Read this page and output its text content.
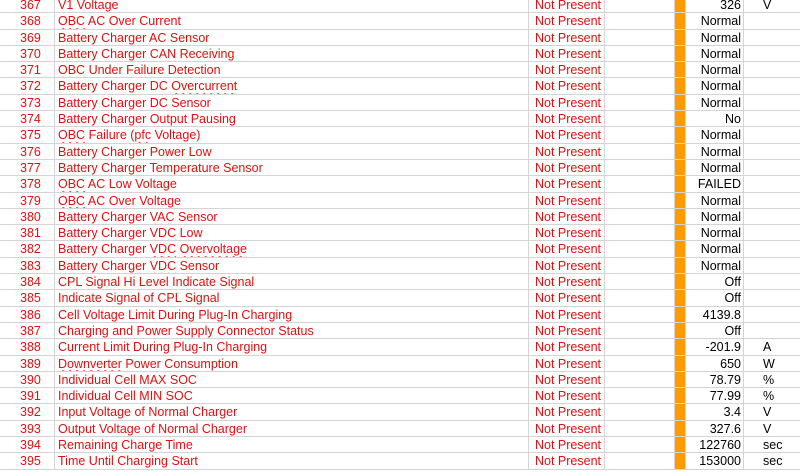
367	V1 Voltage	Not Present	326	V
368	OBC AC Over Current	Not Present	Normal
369	Battery Charger AC Sensor	Not Present	Normal
370	Battery Charger CAN Receiving	Not Present	Normal
371	OBC Under Failure Detection	Not Present	Normal
372	Battery Charger DC Overcurrent	Not Present	Normal
373	Battery Charger DC Sensor	Not Present	Normal
374	Battery Charger Output Pausing	Not Present	No
375	OBC Failure (pfc Voltage)	Not Present	Normal
376	Battery Charger Power Low	Not Present	Normal
377	Battery Charger Temperature Sensor	Not Present	Normal
378	OBC AC Low Voltage	Not Present	FAILED
379	OBC AC Over Voltage	Not Present	Normal
380	Battery Charger VAC Sensor	Not Present	Normal
381	Battery Charger VDC Low	Not Present	Normal
382	Battery Charger VDC Overvoltage	Not Present	Normal
383	Battery Charger VDC Sensor	Not Present	Normal
384	CPL Signal Hi Level Indicate Signal	Not Present	Off
385	Indicate Signal of CPL Signal	Not Present	Off
386	Cell Voltage Limit During Plug-In Charging	Not Present	4139.8
387	Charging and Power Supply Connector Status	Not Present	Off
388	Current Limit During Plug-In Charging	Not Present	-201.9	A
389	Downverter Power Consumption	Not Present	650	W
390	Individual Cell MAX SOC	Not Present	78.79	%
391	Individual Cell MIN SOC	Not Present	77.99	%
392	Input Voltage of Normal Charger	Not Present	3.4	V
393	Output Voltage of Normal Charger	Not Present	327.6	V
394	Remaining Charge Time	Not Present	122760	sec
395	Time Until Charging Start	Not Present	153000	sec
